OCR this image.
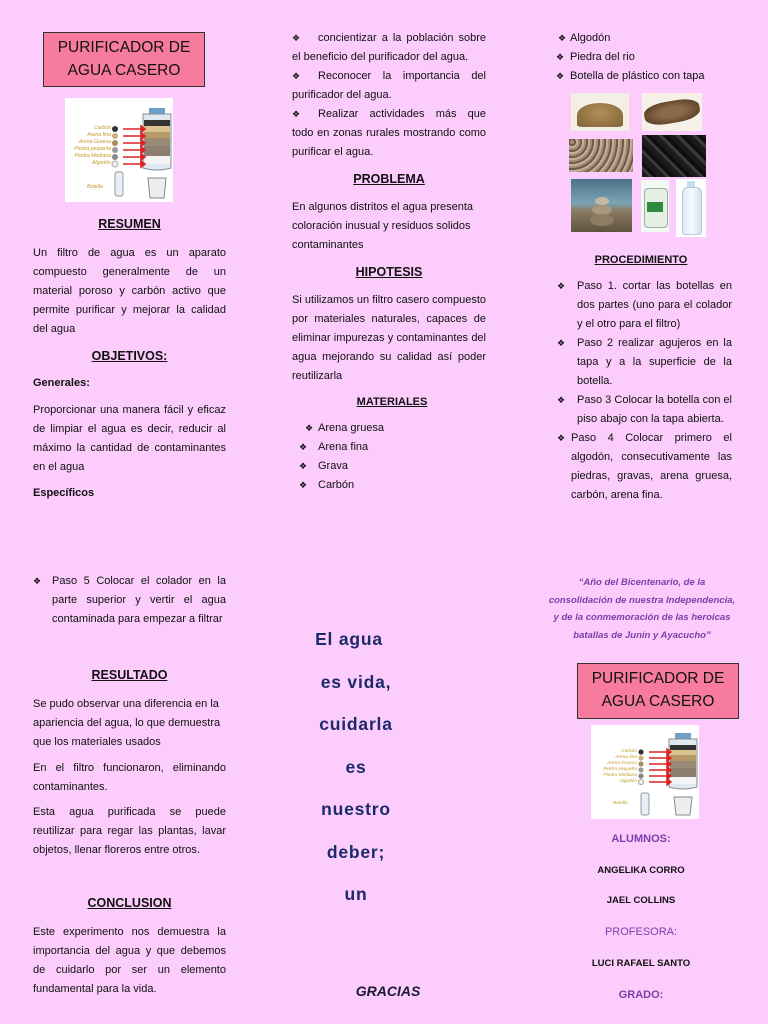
PURIFICADOR DE AGUA CASERO
Carbón
Arena fina
Arena Gruesa
Piedra pequeña
Piedra Mediana
Algodón
Botella
RESUMEN
Un filtro de agua es un aparato compuesto generalmente de un material poroso y carbón activo que permite purificar y mejorar la calidad del agua
OBJETIVOS:
Generales:
Proporcionar una manera fácil y eficaz de limpiar el agua es decir, reducir al máximo la cantidad de contaminantes en el agua
Específicos
❖ Paso 5 Colocar el colador en la parte superior y vertir el agua contaminada para empezar a filtrar
RESULTADO
Se pudo observar una diferencia en la apariencia del agua, lo que demuestra que los materiales usados
En el filtro funcionaron, eliminando contaminantes.
Esta agua purificada se puede reutilizar para regar las plantas, lavar objetos, llenar floreros entre otros.
CONCLUSION
Este experimento nos demuestra la importancia del agua y que debemos de cuidarlo por ser un elemento fundamental para la vida.
❖	concientizar a la población sobre el beneficio del purificador del agua.
❖	Reconocer la importancia del purificador del agua.
❖	Realizar actividades más que todo en zonas rurales mostrando como purificar el agua.
PROBLEMA
En algunos distritos el agua presenta coloración inusual y residuos solidos contaminantes
HIPOTESIS
Si utilizamos un filtro casero compuesto por materiales naturales, capaces de eliminar impurezas y contaminantes del agua mejorando su calidad así poder reutilizarla
MATERIALES
❖ Arena gruesa
❖ Arena fina
❖ Grava
❖ Carbón
El agua
es vida,
cuidarla
es
nuestro
deber;
un
GRACIAS
❖ Algodón
❖ Piedra del rio
❖ Botella de plástico con tapa
PROCEDIMIENTO
❖ Paso 1. cortar las botellas en dos partes (uno para el colador y el otro para el filtro)
❖ Paso 2 realizar agujeros en la tapa y a la superficie de la botella.
❖ Paso 3 Colocar la botella con el piso abajo con la tapa abierta.
❖ Paso 4 Colocar primero el algodón, consecutivamente las piedras, gravas, arena gruesa, carbón, arena fina.
“Año del Bicentenario, de la consolidación de nuestra Independencia, y de la conmemoración de las heroicas batallas de Junín y Ayacucho”
PURIFICADOR DE AGUA CASERO
Carbón
Arena fina
Arena Gruesa
Piedra pequeña
Piedra Mediana
Algodón
Botella
ALUMNOS:
ANGELIKA CORRO
JAEL COLLINS
PROFESORA:
LUCI RAFAEL SANTO
GRADO:
